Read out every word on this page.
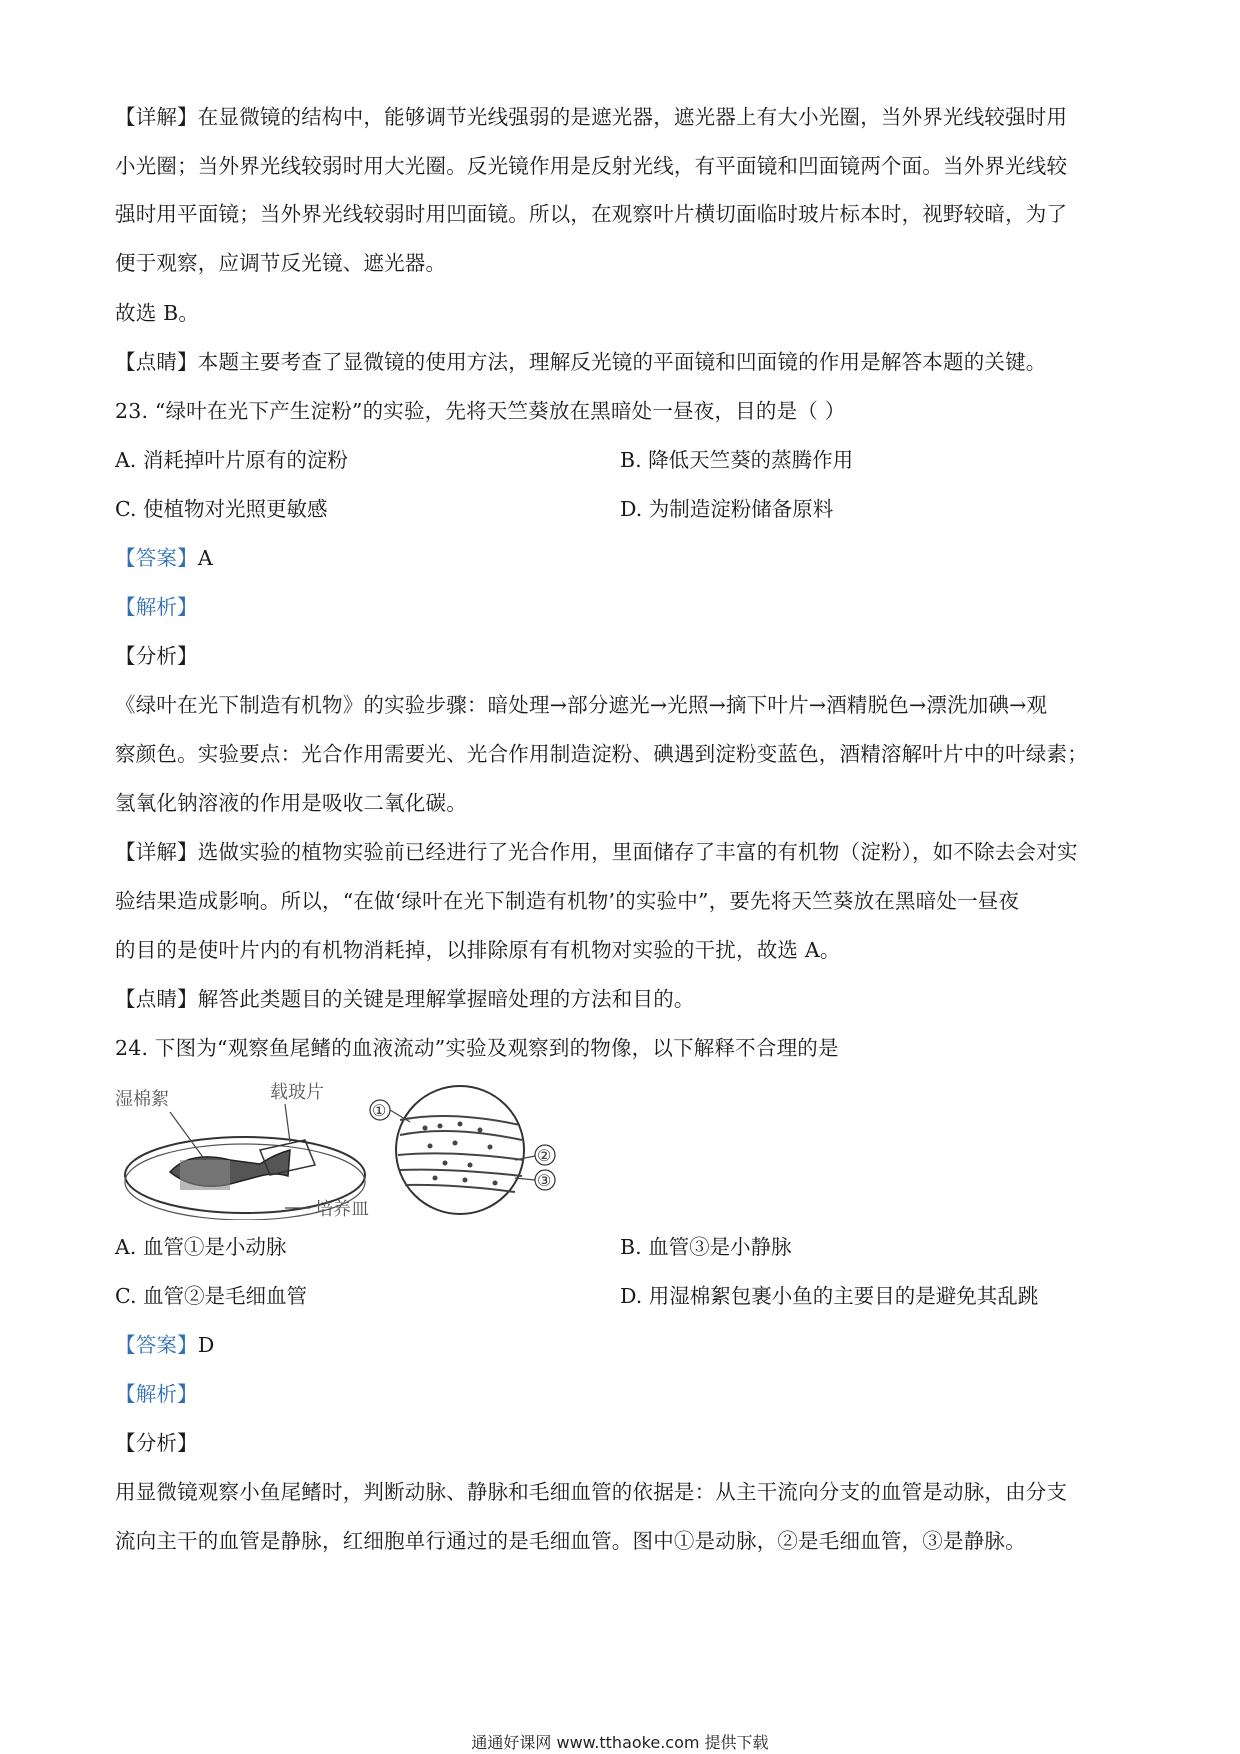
【详解】在显微镜的结构中，能够调节光线强弱的是遮光器，遮光器上有大小光圈，当外界光线较强时用
小光圈；当外界光线较弱时用大光圈。反光镜作用是反射光线，有平面镜和凹面镜两个面。当外界光线较
强时用平面镜；当外界光线较弱时用凹面镜。所以，在观察叶片横切面临时玻片标本时，视野较暗，为了
便于观察，应调节反光镜、遮光器。
故选 B。
【点睛】本题主要考查了显微镜的使用方法，理解反光镜的平面镜和凹面镜的作用是解答本题的关键。
23. “绿叶在光下产生淀粉”的实验，先将天竺葵放在黑暗处一昼夜，目的是（ ）
A. 消耗掉叶片原有的淀粉	B. 降低天竺葵的蒸腾作用
C. 使植物对光照更敏感	D. 为制造淀粉储备原料
【答案】A
【解析】
【分析】
《绿叶在光下制造有机物》的实验步骤：暗处理→部分遮光→光照→摘下叶片→酒精脱色→漂洗加碘→观
察颜色。实验要点：光合作用需要光、光合作用制造淀粉、碘遇到淀粉变蓝色，酒精溶解叶片中的叶绿素；
氢氧化钠溶液的作用是吸收二氧化碳。
【详解】选做实验的植物实验前已经进行了光合作用，里面储存了丰富的有机物（淀粉），如不除去会对实
验结果造成影响。所以，“在做‘绿叶在光下制造有机物’的实验中”，要先将天竺葵放在黑暗处一昼夜
的目的是使叶片内的有机物消耗掉，以排除原有有机物对实验的干扰，故选 A。
【点睛】解答此类题目的关键是理解掌握暗处理的方法和目的。
24. 下图为“观察鱼尾鳍的血液流动”实验及观察到的物像，以下解释不合理的是
湿棉絮	载玻片
培养皿
①
②
③
A. 血管①是小动脉	B. 血管③是小静脉
C. 血管②是毛细血管	D. 用湿棉絮包裹小鱼的主要目的是避免其乱跳
【答案】D
【解析】
【分析】
用显微镜观察小鱼尾鳍时，判断动脉、静脉和毛细血管的依据是：从主干流向分支的血管是动脉，由分支
流向主干的血管是静脉，红细胞单行通过的是毛细血管。图中①是动脉，②是毛细血管，③是静脉。
通通好课网 www.tthaoke.com 提供下载
